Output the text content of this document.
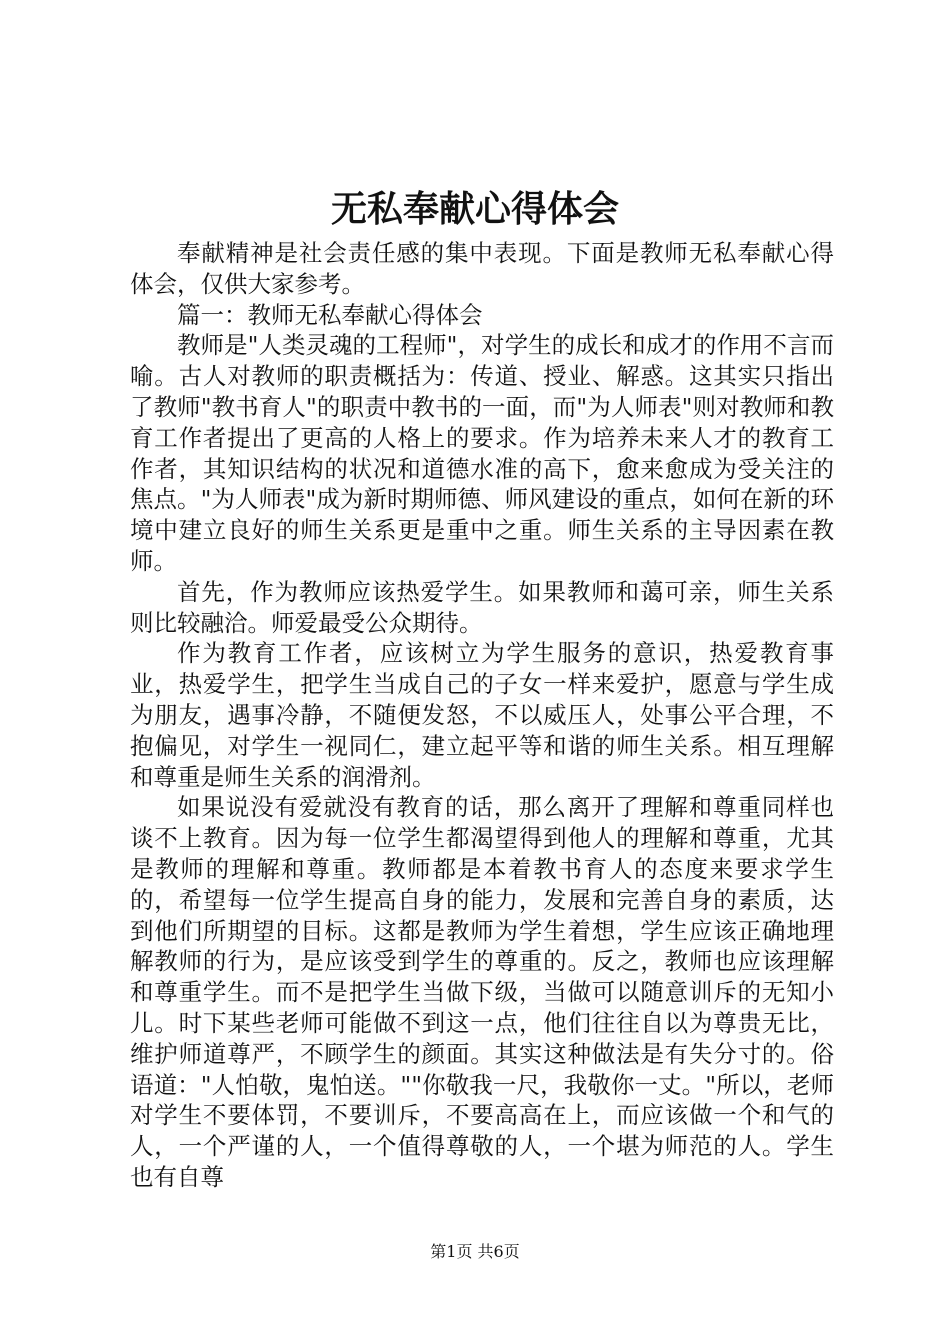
无私奉献心得体会

奉献精神是社会责任感的集中表现。下面是教师无私奉献心得体会，仅供大家参考。

篇一：教师无私奉献心得体会

教师是"人类灵魂的工程师"，对学生的成长和成才的作用不言而喻。古人对教师的职责概括为：传道、授业、解惑。这其实只指出了教师"教书育人"的职责中教书的一面，而"为人师表"则对教师和教育工作者提出了更高的人格上的要求。作为培养未来人才的教育工作者，其知识结构的状况和道德水准的高下，愈来愈成为受关注的焦点。"为人师表"成为新时期师德、师风建设的重点，如何在新的环境中建立良好的师生关系更是重中之重。师生关系的主导因素在教师。

首先，作为教师应该热爱学生。如果教师和蔼可亲，师生关系则比较融洽。师爱最受公众期待。

作为教育工作者，应该树立为学生服务的意识，热爱教育事业，热爱学生，把学生当成自己的子女一样来爱护，愿意与学生成为朋友，遇事冷静，不随便发怒，不以威压人，处事公平合理，不抱偏见，对学生一视同仁，建立起平等和谐的师生关系。相互理解和尊重是师生关系的润滑剂。

如果说没有爱就没有教育的话，那么离开了理解和尊重同样也谈不上教育。因为每一位学生都渴望得到他人的理解和尊重，尤其是教师的理解和尊重。教师都是本着教书育人的态度来要求学生的，希望每一位学生提高自身的能力，发展和完善自身的素质，达到他们所期望的目标。这都是教师为学生着想，学生应该正确地理解教师的行为，是应该受到学生的尊重的。反之，教师也应该理解和尊重学生。而不是把学生当做下级，当做可以随意训斥的无知小儿。时下某些老师可能做不到这一点，他们往往自以为尊贵无比，维护师道尊严，不顾学生的颜面。其实这种做法是有失分寸的。俗语道："人怕敬，鬼怕送。""你敬我一尺，我敬你一丈。"所以，老师对学生不要体罚，不要训斥，不要高高在上，而应该做一个和气的人，一个严谨的人，一个值得尊敬的人，一个堪为师范的人。学生也有自尊

第1页 共6页
